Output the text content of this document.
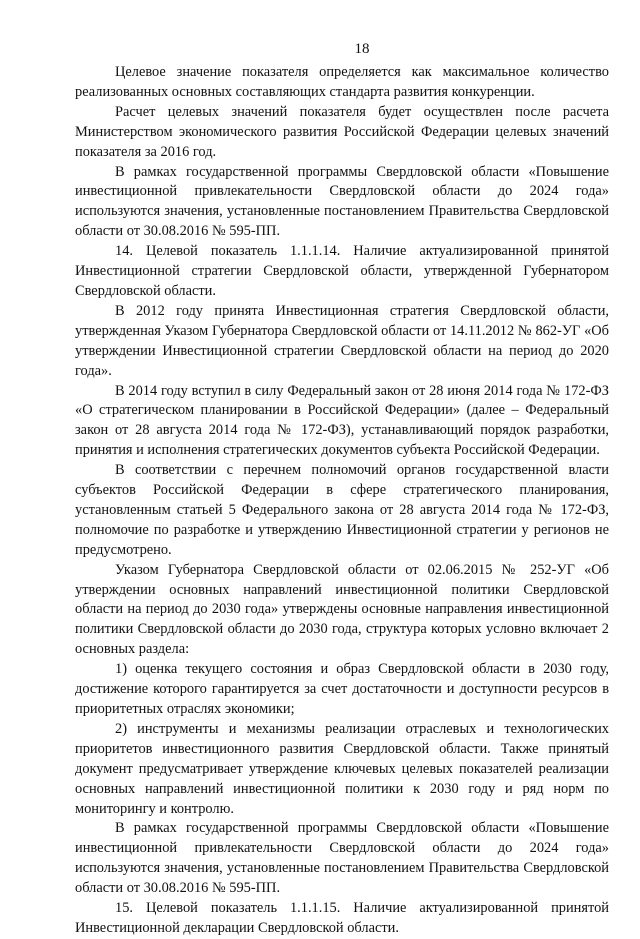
18

Целевое значение показателя определяется как максимальное количество реализованных основных составляющих стандарта развития конкуренции.

Расчет целевых значений показателя будет осуществлен после расчета Министерством экономического развития Российской Федерации целевых значений показателя за 2016 год.

В рамках государственной программы Свердловской области «Повышение инвестиционной привлекательности Свердловской области до 2024 года» используются значения, установленные постановлением Правительства Свердловской области от 30.08.2016 № 595-ПП.

14. Целевой показатель 1.1.1.14. Наличие актуализированной принятой Инвестиционной стратегии Свердловской области, утвержденной Губернатором Свердловской области.

В 2012 году принята Инвестиционная стратегия Свердловской области, утвержденная Указом Губернатора Свердловской области от 14.11.2012 № 862-УГ «Об утверждении Инвестиционной стратегии Свердловской области на период до 2020 года».

В 2014 году вступил в силу Федеральный закон от 28 июня 2014 года № 172-ФЗ «О стратегическом планировании в Российской Федерации» (далее – Федеральный закон от 28 августа 2014 года № 172-ФЗ), устанавливающий порядок разработки, принятия и исполнения стратегических документов субъекта Российской Федерации.

В соответствии с перечнем полномочий органов государственной власти субъектов Российской Федерации в сфере стратегического планирования, установленным статьей 5 Федерального закона от 28 августа 2014 года № 172-ФЗ, полномочие по разработке и утверждению Инвестиционной стратегии у регионов не предусмотрено.

Указом Губернатора Свердловской области от 02.06.2015 № 252-УГ «Об утверждении основных направлений инвестиционной политики Свердловской области на период до 2030 года» утверждены основные направления инвестиционной политики Свердловской области до 2030 года, структура которых условно включает 2 основных раздела:

1) оценка текущего состояния и образ Свердловской области в 2030 году, достижение которого гарантируется за счет достаточности и доступности ресурсов в приоритетных отраслях экономики;

2) инструменты и механизмы реализации отраслевых и технологических приоритетов инвестиционного развития Свердловской области. Также принятый документ предусматривает утверждение ключевых целевых показателей реализации основных направлений инвестиционной политики к 2030 году и ряд норм по мониторингу и контролю.

В рамках государственной программы Свердловской области «Повышение инвестиционной привлекательности Свердловской области до 2024 года» используются значения, установленные постановлением Правительства Свердловской области от 30.08.2016 № 595-ПП.

15. Целевой показатель 1.1.1.15. Наличие актуализированной принятой Инвестиционной декларации Свердловской области.
